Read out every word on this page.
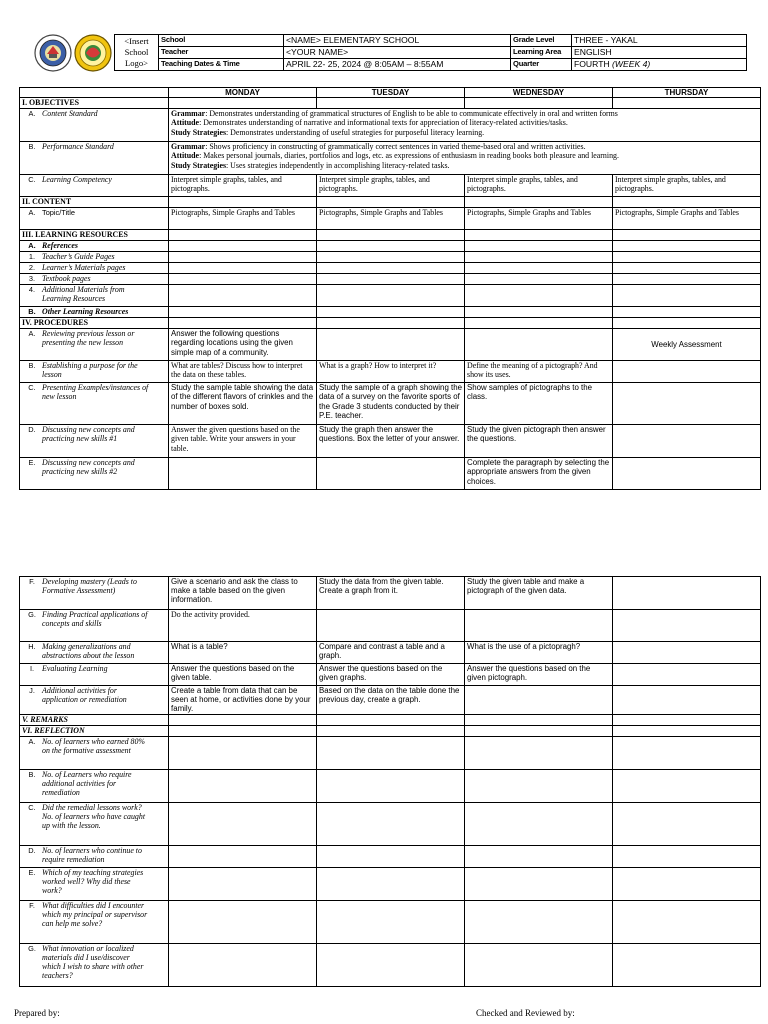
<Insert
School
Logo>	School	<NAME> ELEMENTARY SCHOOL	Grade Level	THREE - YAKAL
	Teacher	<YOUR NAME>	Learning Area	ENGLISH
	Teaching Dates & Time	APRIL 22- 25, 2024 @ 8:05AM – 8:55AM	Quarter	FOURTH (WEEK 4)
	MONDAY	TUESDAY	WEDNESDAY	THURSDAY
I. OBJECTIVES				
A. Content Standard	Grammar: Demonstrates understanding of grammatical structures of English to be able to communicate effectively in oral and written forms
Attitude: Demonstrates understanding of narrative and informational texts for appreciation of literacy-related activities/tasks.
Study Strategies: Demonstrates understanding of useful strategies for purposeful literacy learning.			

B. Performance Standard	Grammar: Shows proficiency in constructing of grammatically correct sentences in varied theme-based oral and written activities.
Attitude: Makes personal journals, diaries, portfolios and logs, etc. as expressions of enthusiasm in reading books both pleasure and learning.
Study Strategies: Uses strategies independently in accomplishing literacy-related tasks.			

C. Learning Competency	Interpret simple graphs, tables, and pictographs.	Interpret simple graphs, tables, and pictographs.	Interpret simple graphs, tables, and pictographs.	Interpret simple graphs, tables, and pictographs.
II. CONTENT				
A. Topic/Title	Pictographs, Simple Graphs and Tables	Pictographs, Simple Graphs and Tables	Pictographs, Simple Graphs and Tables	Pictographs, Simple Graphs and Tables
III. LEARNING RESOURCES				
A. References				
1. Teacher’s Guide Pages				
2. Learner’s Materials pages				
3. Textbook pages				
4. Additional Materials from Learning Resources				
B. Other Learning Resources				
IV. PROCEDURES				
A. Reviewing previous lesson or presenting the new lesson	Answer the following questions regarding locations using the given simple map of a community.			Weekly Assessment
B. Establishing a purpose for the lesson	What are tables? Discuss how to interpret the data on these tables.	What is a graph? How to interpret it?	Define the meaning of a pictograph? And show its uses.	
C. Presenting Examples/instances of new lesson	Study the sample table showing the data of the different flavors of crinkles and the number of boxes sold.	Study the sample of a graph showing the data of a survey on the favorite sports of the Grade 3 students conducted by their P.E. teacher.	Show samples of pictographs to the class.	
D. Discussing new concepts and practicing new skills #1	Answer the given questions based on the given table. Write your answers in your table.	Study the graph then answer the questions. Box the letter of your answer.	Study the given pictograph then answer the questions.	
E. Discussing new concepts and practicing new skills #2			Complete the paragraph by selecting the appropriate answers from the given choices.	
F. Developing mastery (Leads to Formative Assessment)	Give a scenario and ask the class to make a table based on the given information.	Study the data from the given table. Create a graph from it.	Study the given table and make a pictograph of the given data.	
G. Finding Practical applications of concepts and skills	Do the activity provided.			
H. Making generalizations and abstractions about the lesson	What is a table?	Compare and contrast a table and a graph.	What is the use of a pictopragh?	
I. Evaluating Learning	Answer the questions based on the given table.	Answer the questions based on the given graphs.	Answer the questions based on the given pictograph.	
J. Additional activities for application or remediation	Create a table from data that can be seen at home, or activities done by your family.	Based on the data on the table done the previous day, create a graph.		
V. REMARKS				
VI. REFLECTION				
A. No. of learners who earned 80% on the formative assessment				
B. No. of Learners who require additional activities for remediation				
C. Did the remedial lessons work? No. of learners who have caught up with the lesson.				
D. No. of learners who continue to require remediation				
E. Which of my teaching strategies worked well? Why did these work?				
F. What difficulties did I encounter which my principal or supervisor can help me solve?				
G. What innovation or localized materials did I use/discover which I wish to share with other teachers?				
Prepared by:	Checked and Reviewed by:
